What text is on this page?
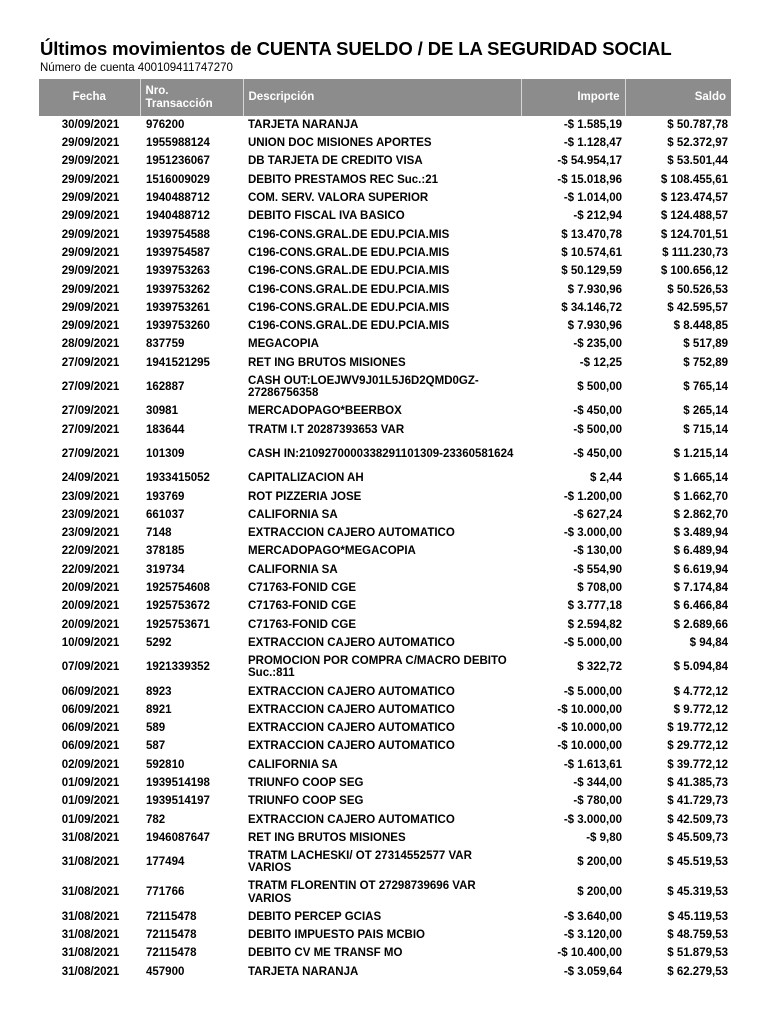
Últimos movimientos de CUENTA SUELDO / DE LA SEGURIDAD SOCIAL
Número de cuenta 400109411747270
Fecha	Nro. Transacción	Descripción	Importe	Saldo
30/09/2021	976200	TARJETA NARANJA	-$ 1.585,19	$ 50.787,78
29/09/2021	1955988124	UNION DOC MISIONES APORTES	-$ 1.128,47	$ 52.372,97
29/09/2021	1951236067	DB TARJETA DE CREDITO VISA	-$ 54.954,17	$ 53.501,44
29/09/2021	1516009029	DEBITO PRESTAMOS REC Suc.:21	-$ 15.018,96	$ 108.455,61
29/09/2021	1940488712	COM. SERV. VALORA SUPERIOR	-$ 1.014,00	$ 123.474,57
29/09/2021	1940488712	DEBITO FISCAL IVA BASICO	-$ 212,94	$ 124.488,57
29/09/2021	1939754588	C196-CONS.GRAL.DE EDU.PCIA.MIS	$ 13.470,78	$ 124.701,51
29/09/2021	1939754587	C196-CONS.GRAL.DE EDU.PCIA.MIS	$ 10.574,61	$ 111.230,73
29/09/2021	1939753263	C196-CONS.GRAL.DE EDU.PCIA.MIS	$ 50.129,59	$ 100.656,12
29/09/2021	1939753262	C196-CONS.GRAL.DE EDU.PCIA.MIS	$ 7.930,96	$ 50.526,53
29/09/2021	1939753261	C196-CONS.GRAL.DE EDU.PCIA.MIS	$ 34.146,72	$ 42.595,57
29/09/2021	1939753260	C196-CONS.GRAL.DE EDU.PCIA.MIS	$ 7.930,96	$ 8.448,85
28/09/2021	837759	MEGACOPIA	-$ 235,00	$ 517,89
27/09/2021	1941521295	RET ING BRUTOS MISIONES	-$ 12,25	$ 752,89
27/09/2021	162887	CASH OUT:LOEJWV9J01L5J6D2QMD0GZ-27286756358	$ 500,00	$ 765,14
27/09/2021	30981	MERCADOPAGO*BEERBOX	-$ 450,00	$ 265,14
27/09/2021	183644	TRATM I.T 20287393653 VAR	-$ 500,00	$ 715,14
27/09/2021	101309	CASH IN:2109270000338291101309-23360581624	-$ 450,00	$ 1.215,14
24/09/2021	1933415052	CAPITALIZACION AH	$ 2,44	$ 1.665,14
23/09/2021	193769	ROT PIZZERIA JOSE	-$ 1.200,00	$ 1.662,70
23/09/2021	661037	CALIFORNIA SA	-$ 627,24	$ 2.862,70
23/09/2021	7148	EXTRACCION CAJERO AUTOMATICO	-$ 3.000,00	$ 3.489,94
22/09/2021	378185	MERCADOPAGO*MEGACOPIA	-$ 130,00	$ 6.489,94
22/09/2021	319734	CALIFORNIA SA	-$ 554,90	$ 6.619,94
20/09/2021	1925754608	C71763-FONID CGE	$ 708,00	$ 7.174,84
20/09/2021	1925753672	C71763-FONID CGE	$ 3.777,18	$ 6.466,84
20/09/2021	1925753671	C71763-FONID CGE	$ 2.594,82	$ 2.689,66
10/09/2021	5292	EXTRACCION CAJERO AUTOMATICO	-$ 5.000,00	$ 94,84
07/09/2021	1921339352	PROMOCION POR COMPRA C/MACRO DEBITO Suc.:811	$ 322,72	$ 5.094,84
06/09/2021	8923	EXTRACCION CAJERO AUTOMATICO	-$ 5.000,00	$ 4.772,12
06/09/2021	8921	EXTRACCION CAJERO AUTOMATICO	-$ 10.000,00	$ 9.772,12
06/09/2021	589	EXTRACCION CAJERO AUTOMATICO	-$ 10.000,00	$ 19.772,12
06/09/2021	587	EXTRACCION CAJERO AUTOMATICO	-$ 10.000,00	$ 29.772,12
02/09/2021	592810	CALIFORNIA SA	-$ 1.613,61	$ 39.772,12
01/09/2021	1939514198	TRIUNFO COOP SEG	-$ 344,00	$ 41.385,73
01/09/2021	1939514197	TRIUNFO COOP SEG	-$ 780,00	$ 41.729,73
01/09/2021	782	EXTRACCION CAJERO AUTOMATICO	-$ 3.000,00	$ 42.509,73
31/08/2021	1946087647	RET ING BRUTOS MISIONES	-$ 9,80	$ 45.509,73
31/08/2021	177494	TRATM LACHESKI/ OT 27314552577 VAR VARIOS	$ 200,00	$ 45.519,53
31/08/2021	771766	TRATM FLORENTIN OT 27298739696 VAR VARIOS	$ 200,00	$ 45.319,53
31/08/2021	72115478	DEBITO PERCEP GCIAS	-$ 3.640,00	$ 45.119,53
31/08/2021	72115478	DEBITO IMPUESTO PAIS MCBIO	-$ 3.120,00	$ 48.759,53
31/08/2021	72115478	DEBITO CV ME TRANSF MO	-$ 10.400,00	$ 51.879,53
31/08/2021	457900	TARJETA NARANJA	-$ 3.059,64	$ 62.279,53
